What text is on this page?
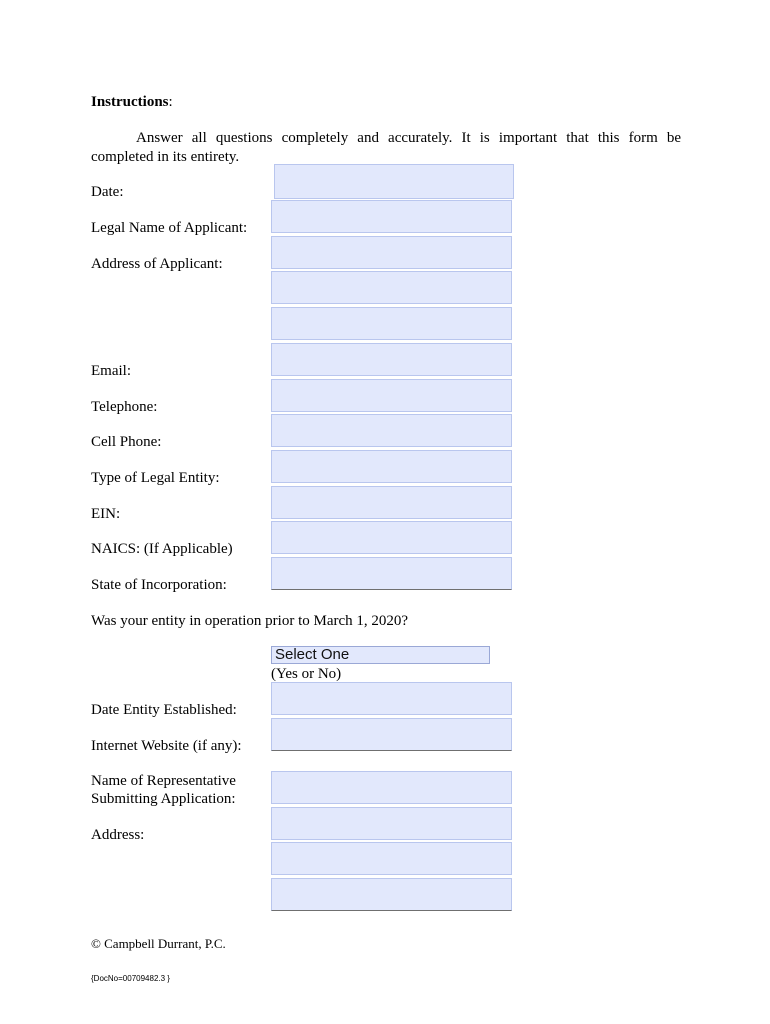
Instructions:
Answer all questions completely and accurately. It is important that this form be completed in its entirety.
Date:
Legal Name of Applicant:
Address of Applicant:
Email:
Telephone:
Cell Phone:
Type of Legal Entity:
EIN:
NAICS: (If Applicable)
State of Incorporation:
Was your entity in operation prior to March 1, 2020?
Select One
(Yes or No)
Date Entity Established:
Internet Website (if any):
Name of Representative Submitting Application:
Address:
© Campbell Durrant, P.C.
{DocNo=00709482.3 }
